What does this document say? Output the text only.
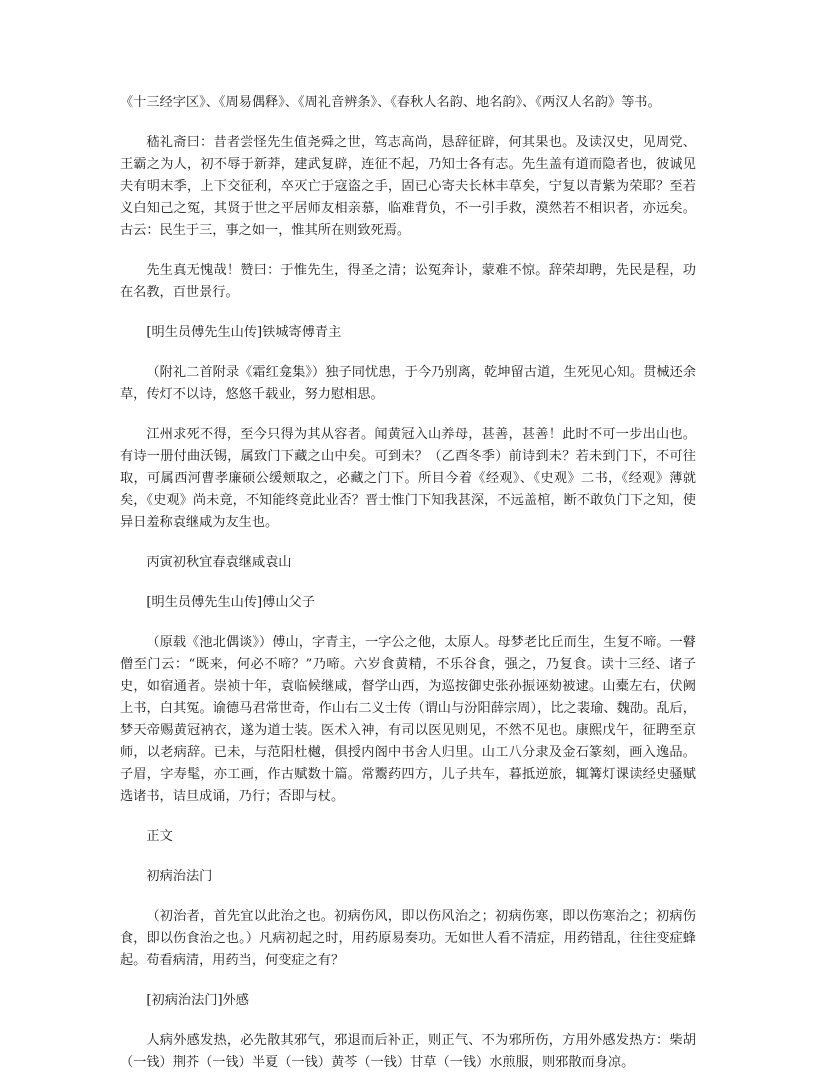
《十三经字区》、《周易偶释》、《周礼音辨条》、《春秋人名韵、地名韵》、《两汉人名韵》等书。

嵇礼斋曰：昔者尝怪先生值尧舜之世，笃志高尚，恳辞征辟，何其果也。及读汉史，见周党、王霸之为人，初不辱于新莽，建武复辟，连征不起，乃知士各有志。先生盖有道而隐者也，彼诚见夫有明末季，上下交征利，卒灭亡于寇盗之手，固已心寄夫长林丰草矣，宁复以青紫为荣耶？至若义白知己之冤，其贤于世之平居师友相亲慕，临难背负，不一引手救，漠然若不相识者，亦远矣。古云：民生于三，事之如一，惟其所在则致死焉。

先生真无愧哉！赞曰：于惟先生，得圣之清；讼冤奔讣，蒙难不惊。辞荣却聘，先民是程，功在名教，百世景行。

[明生员傅先生山传]铁城寄傅青主

（附礼二首附录《霜红龛集》）独子同忧患，于今乃别离，乾坤留古道，生死见心知。贯械还余草，传灯不以诗，悠悠千载业，努力慰相思。

江州求死不得，至今只得为其从容者。闻黄冠入山养母，甚善，甚善！此时不可一步出山也。有诗一册付曲沃锡，属致门下藏之山中矣。可到未？（乙酉冬季）前诗到未？若未到门下，不可往取，可属西河曹孝廉硕公缓颊取之，必藏之门下。所目今着《经观》、《史观》二书，《经观》薄就矣，《史观》尚未竟，不知能终竟此业否？晋士惟门下知我甚深，不远盖棺，断不敢负门下之知，使异日羞称袁继咸为友生也。

丙寅初秋宜春袁继咸袁山

[明生员傅先生山传]傅山父子

（原载《池北偶谈》）傅山，字青主，一字公之他，太原人。母梦老比丘而生，生复不啼。一瞽僧至门云：“既来，何必不啼？”乃啼。六岁食黄精，不乐谷食，强之，乃复食。读十三经、诸子史，如宿通者。崇祯十年，袁临候继咸，督学山西，为巡按御史张孙振诬劾被逮。山橐左右，伏阙上书，白其冤。谕德马君常世奇，作山右二义士传（谓山与汾阳薛宗周），比之裴瑜、魏劭。乱后，梦天帝赐黄冠衲衣，遂为道士装。医术入神，有司以医见则见，不然不见也。康熙戊午，征聘至京师，以老病辞。已未，与范阳杜樾，俱授内阁中书舍人归里。山工八分隶及金石篆刻，画入逸品。子眉，字寿髦，亦工画，作古赋数十篇。常鬻药四方，儿子共车，暮抵逆旅，辄篝灯课读经史骚赋选诸书，诘旦成诵，乃行；否即与杖。

正文

初病治法门

（初治者，首先宜以此治之也。初病伤风，即以伤风治之；初病伤寒，即以伤寒治之；初病伤食，即以伤食治之也。）凡病初起之时，用药原易奏功。无如世人看不清症，用药错乱，往往变症蜂起。苟看病清，用药当，何变症之有？

[初病治法门]外感

人病外感发热，必先散其邪气，邪退而后补正，则正气、不为邪所伤，方用外感发热方：柴胡（一钱）荆芥（一钱）半夏（一钱）黄芩（一钱）甘草（一钱）水煎服，则邪散而身凉。
